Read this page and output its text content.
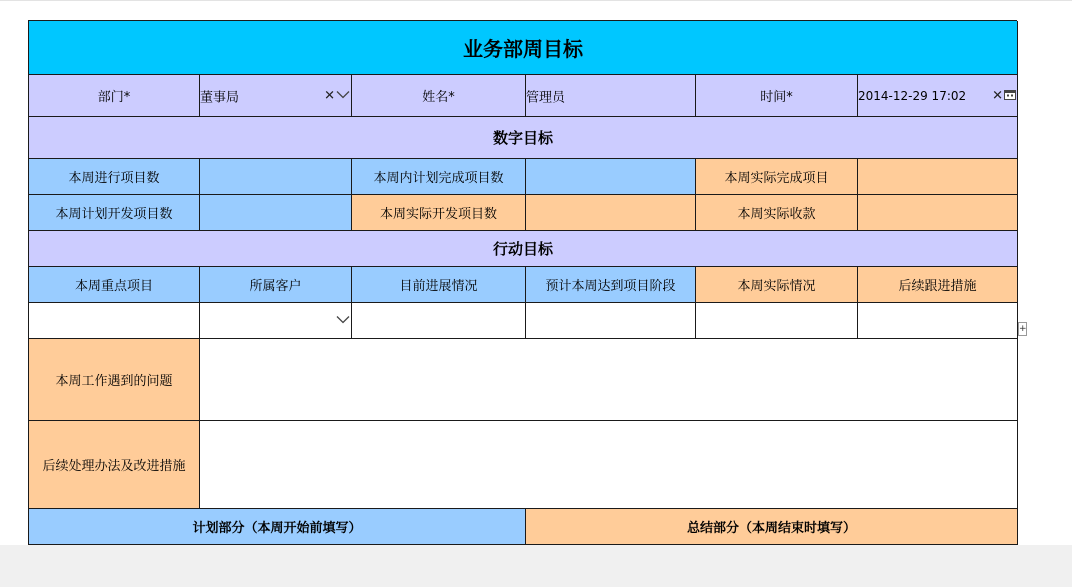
业务部周目标
部门*	董事局	✕	姓名*	管理员	时间*	2014-12-29 17:02 ✕
数字目标
本周进行项目数	本周内计划完成项目数	本周实际完成项目
本周计划开发项目数	本周实际开发项目数	本周实际收款
行动目标
本周重点项目	所属客户	目前进展情况	预计本周达到项目阶段	本周实际情况	后续跟进措施
本周工作遇到的问题
后续处理办法及改进措施
计划部分（本周开始前填写）	总结部分（本周结束时填写）
+
